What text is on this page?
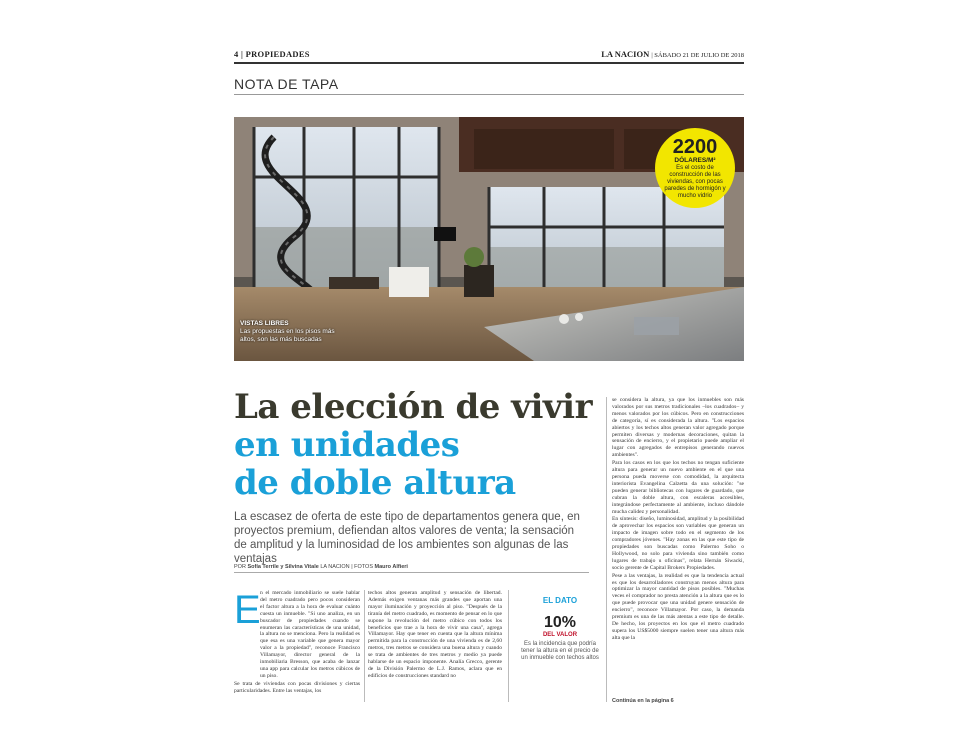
4 | PROPIEDADES	LA NACION | SÁBADO 21 DE JULIO DE 2018
NOTA DE TAPA
VISTAS LIBRES
Las propuestas en los pisos más altos, son las más buscadas
2200
DÓLARES/M²
Es el costo de construcción de las viviendas, con pocas paredes de hormigón y mucho vidrio
La elección de vivir
en unidades
de doble altura
La escasez de oferta de este tipo de departamentos genera que, en proyectos premium, defiendan altos valores de venta; la sensación de amplitud y la luminosidad de los ambientes son algunas de las ventajas
POR Sofía Terrile y Silvina Vitale LA NACION | FOTOS Mauro Alfieri
E n el mercado inmobiliario se suele hablar del metro cuadrado pero pocos consideran el factor altura a la hora de evaluar cuánto cuesta un inmueble. "Si uno analiza, en un buscador de propiedades cuando se enumeran las características de una unidad, la altura no se menciona. Pero la realidad es que esa es una variable que genera mayor valor a la propiedad", reconoce Francisco Villamayor, director general de la inmobiliaria Bresson, que acaba de lanzar una app para calcular los metros cúbicos de un piso.

Se trata de viviendas con pocas divisiones y ciertas particularidades. Entre las ventajas, los

techos altos generan amplitud y sensación de libertad. Además exigen ventanas más grandes que aportan una mayor iluminación y proyección al piso. "Después de la tiranía del metro cuadrado, es momento de pensar en lo que supone la revolución del metro cúbico con todos los beneficios que trae a la hora de vivir una casa", agrega Villamayor. Hay que tener en cuenta que la altura mínima permitida para la construcción de una vivienda es de 2,60 metros, tres metros se considera una buena altura y cuando se trata de ambientes de tres metros y medio ya puede hablarse de un espacio imponente. Analía Grecco, gerente de la División Palermo de L.J. Ramos, aclara que en edificios de construcciones standard no

EL DATO
10%
DEL VALOR
Es la incidencia que podría tener la altura en el precio de un inmueble con techos altos

se considera la altura, ya que los inmuebles son más valorados por sus metros tradicionales –los cuadrados– y menos valorados por los cúbicos. Pero en construcciones de categoría, sí es considerada la altura. "Los espacios abiertos y los techos altos generan valor agregado porque permiten diversas y modernas decoraciones, quitan la sensación de encierro, y el propietario puede ampliar el lugar con agregados de entrepisos generando nuevos ambientes".

Para los casos en los que los techos no tengan suficiente altura para generar un nuevo ambiente en el que una persona pueda moverse con comodidad, la arquitecta interiorista Evangelina Calzetta da una solución: "se pueden generar bibliotecas con lugares de guardado, que cubran la doble altura, con escaleras accesibles, integrándose perfectamente al ambiente, incluso dándole mucha calidez y personalidad.

En síntesis: diseño, luminosidad, amplitud y la posibilidad de aprovechar los espacios son variables que generan un impacto de imagen sobre todo en el segmento de los compradores jóvenes. "Hay zonas en las que este tipo de propiedades son buscadas como Palermo Soho o Hollywood, no solo para vivienda sino también como lugares de trabajo u oficinas", relata Hernán Siwacki, socio gerente de Capital Brokers Propiedades.

Pese a las ventajas, la realidad es que la tendencia actual es que los desarrolladores construyan menos altura para optimizar la mayor cantidad de pisos posibles. "Muchas veces el comprador no presta atención a la altura que es lo que puede provocar que una unidad genere sensación de encierro", reconoce Villamayor. Por caso, la demanda premium es una de las más atentas a este tipo de detalle. De hecho, los proyectos en los que el metro cuadrado supera los US$5000 siempre suelen tener una altura más alta que la

Continúa en la página 6
